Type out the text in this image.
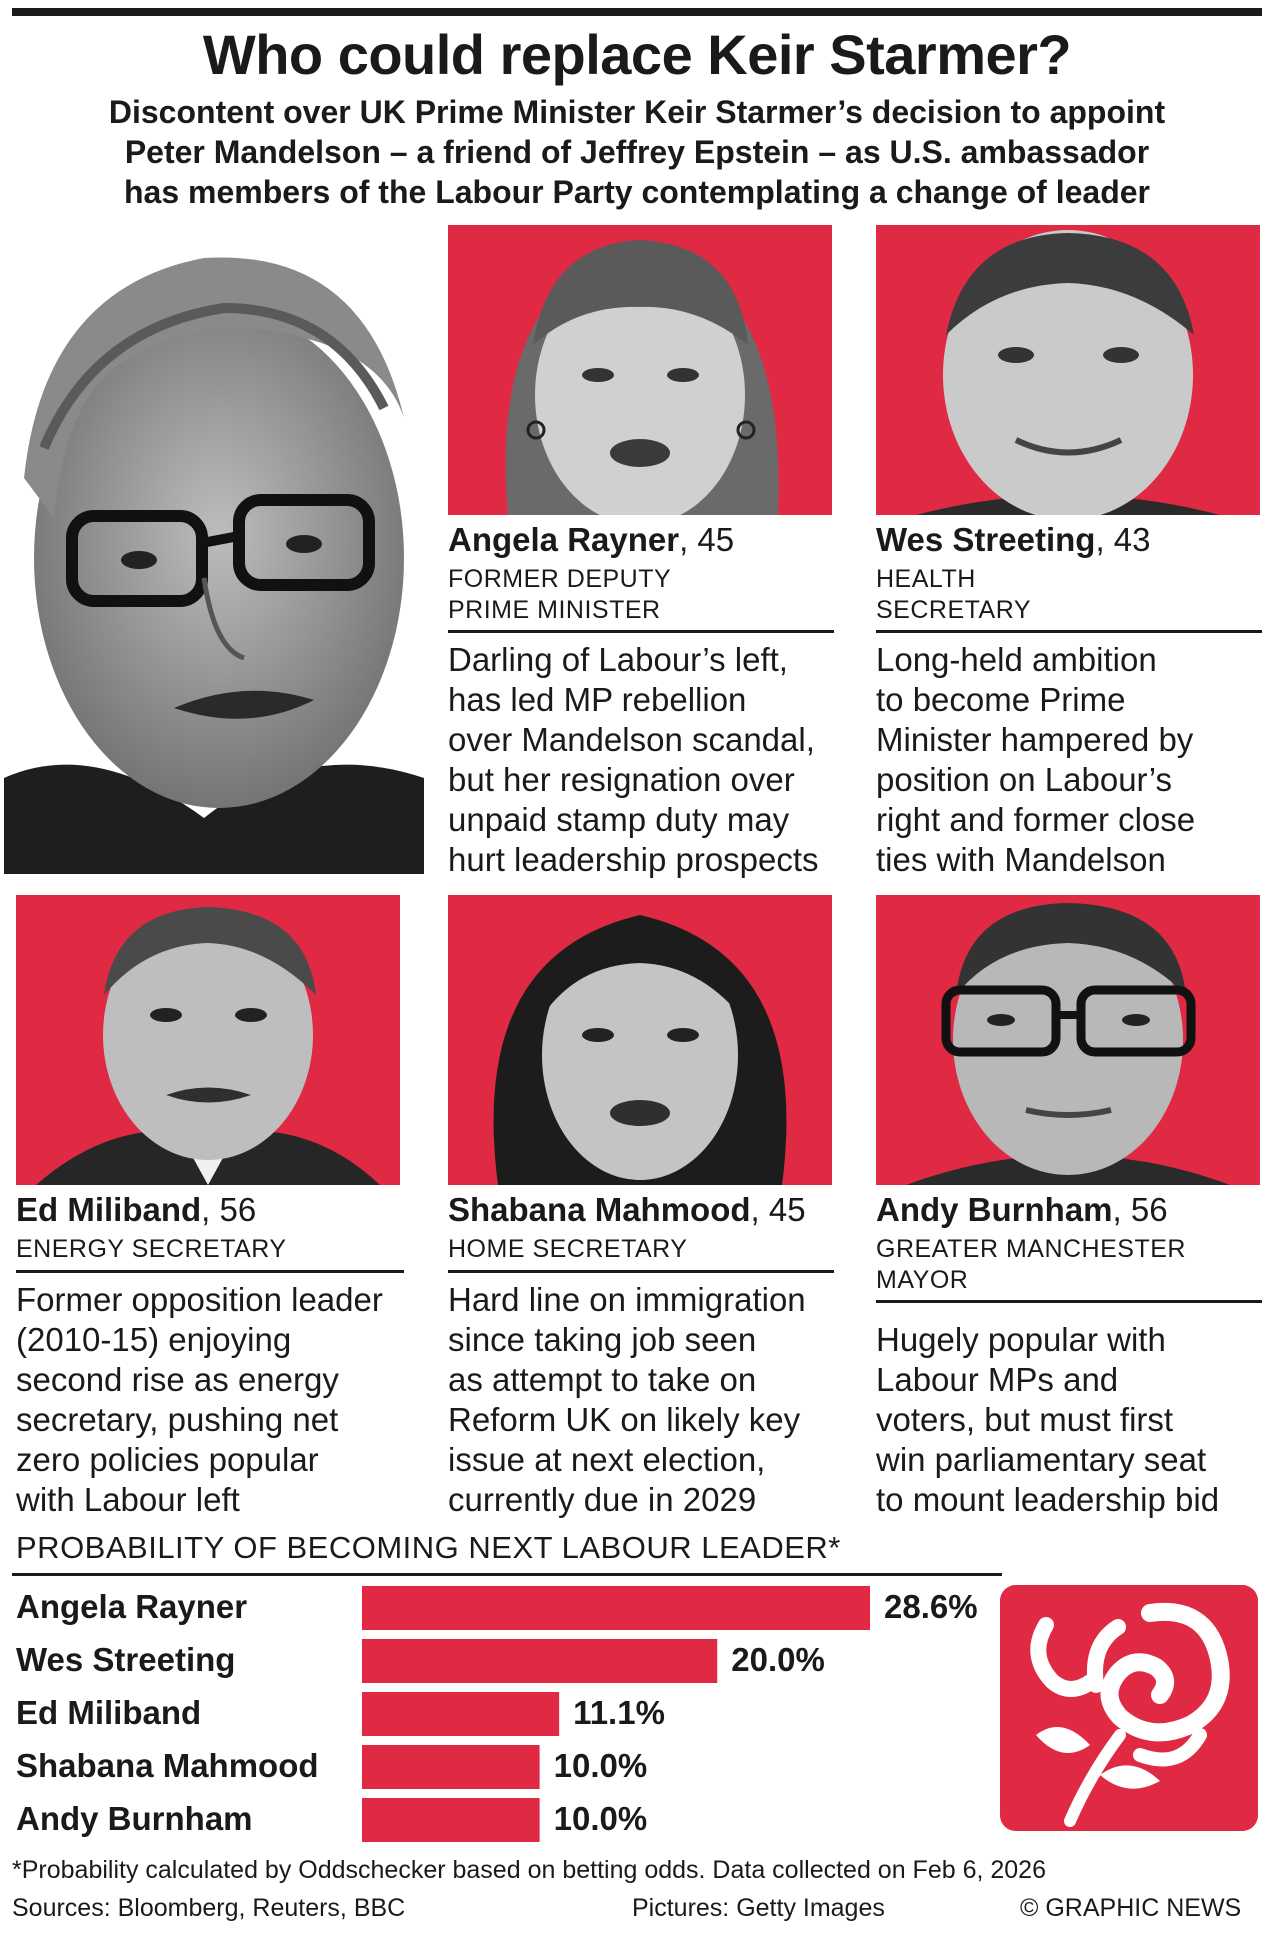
Who could replace Keir Starmer?
Discontent over UK Prime Minister Keir Starmer’s decision to appoint
Peter Mandelson – a friend of Jeffrey Epstein – as U.S. ambassador
has members of the Labour Party contemplating a change of leader
Angela Rayner, 45
FORMER DEPUTY
PRIME MINISTER
Darling of Labour’s left,
has led MP rebellion
over Mandelson scandal,
but her resignation over
unpaid stamp duty may
hurt leadership prospects
Wes Streeting, 43
HEALTH
SECRETARY
Long-held ambition
to become Prime
Minister hampered by
position on Labour’s
right and former close
ties with Mandelson
Ed Miliband, 56
ENERGY SECRETARY
Former opposition leader
(2010-15) enjoying
second rise as energy
secretary, pushing net
zero policies popular
with Labour left
Shabana Mahmood, 45
HOME SECRETARY
Hard line on immigration
since taking job seen
as attempt to take on
Reform UK on likely key
issue at next election,
currently due in 2029
Andy Burnham, 56
GREATER MANCHESTER
MAYOR
Hugely popular with
Labour MPs and
voters, but must first
win parliamentary seat
to mount leadership bid
PROBABILITY OF BECOMING NEXT LABOUR LEADER*
Angela Rayner	28.6%
Wes Streeting	20.0%
Ed Miliband	11.1%
Shabana Mahmood	10.0%
Andy Burnham	10.0%
*Probability calculated by Oddschecker based on betting odds. Data collected on Feb 6, 2026
Sources: Bloomberg, Reuters, BBC	Pictures: Getty Images	© GRAPHIC NEWS
